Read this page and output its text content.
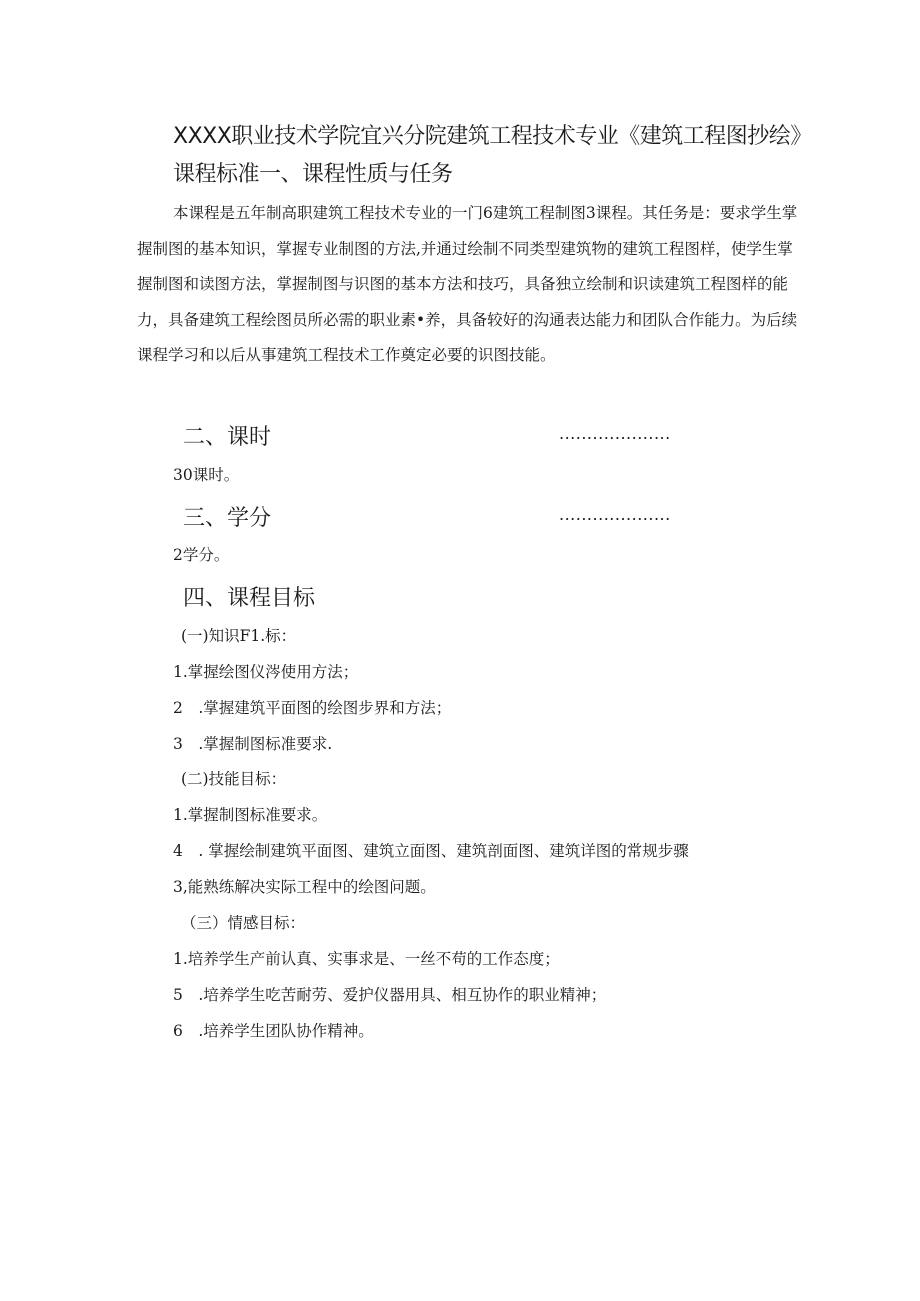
XXXX职业技术学院宜兴分院建筑工程技术专业《建筑工程图抄绘》
课程标准一、课程性质与任务
本课程是五年制高职建筑工程技术专业的一门6建筑工程制图3课程。其任务是：要求学生掌握制图的基本知识，掌握专业制图的方法,并通过绘制不同类型建筑物的建筑工程图样，使学生掌握制图和读图方法，掌握制图与识图的基本方法和技巧，具备独立绘制和识读建筑工程图样的能力，具备建筑工程绘图员所必需的职业素•养，具备较好的沟通表达能力和团队合作能力。为后续课程学习和以后从事建筑工程技术工作奠定必要的识图技能。
二、课时	....................
30课时。
三、学分	....................
2学分。
四、课程目标
(一)知识F1.标：
1.掌握绘图仪涔使用方法；
2　.掌握建筑平面图的绘图步界和方法；
3　.掌握制图标准要求.
(二)技能目标：
1.掌握制图标准要求。
4　. 掌握绘制建筑平面图、建筑立面图、建筑剖面图、建筑详图的常规步骤
3,能熟练解决实际工程中的绘图问题。
（三）情感目标：
1.培养学生产前认真、实事求是、一丝不苟的工作态度；
5　.培养学生吃苦耐劳、爱护仪器用具、相互协作的职业精神；
6　.培养学生团队协作精神。
